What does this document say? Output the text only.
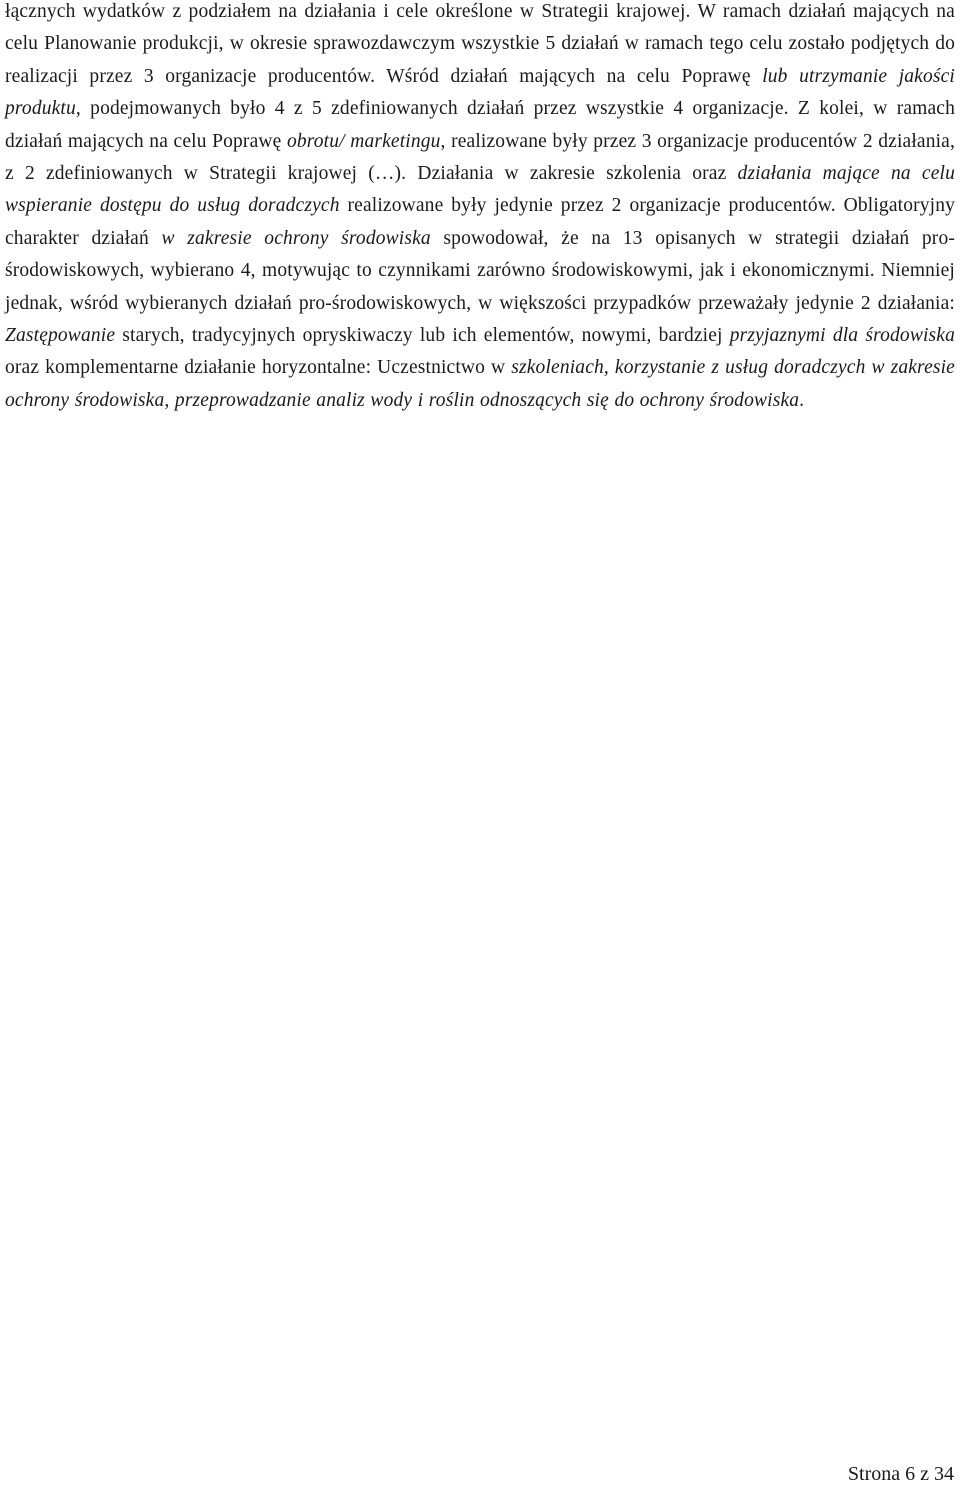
łącznych wydatków z podziałem na działania i cele określone w Strategii krajowej. W ramach działań mających na celu Planowanie produkcji, w okresie sprawozdawczym wszystkie 5 działań w ramach tego celu zostało podjętych do realizacji przez 3 organizacje producentów. Wśród działań mających na celu Poprawę lub utrzymanie jakości produktu, podejmowanych było 4 z 5 zdefiniowanych działań przez wszystkie 4 organizacje. Z kolei, w ramach działań mających na celu Poprawę obrotu/ marketingu, realizowane były przez 3 organizacje producentów 2 działania, z 2 zdefiniowanych w Strategii krajowej (…). Działania w zakresie szkolenia oraz działania mające na celu wspieranie dostępu do usług doradczych realizowane były jedynie przez 2 organizacje producentów. Obligatoryjny charakter działań w zakresie ochrony środowiska spowodował, że na 13 opisanych w strategii działań pro-środowiskowych, wybierano 4, motywując to czynnikami zarówno środowiskowymi, jak i ekonomicznymi. Niemniej jednak, wśród wybieranych działań pro-środowiskowych, w większości przypadków przeważały jedynie 2 działania: Zastępowanie starych, tradycyjnych opryskiwaczy lub ich elementów, nowymi, bardziej przyjaznymi dla środowiska oraz komplementarne działanie horyzontalne: Uczestnictwo w szkoleniach, korzystanie z usług doradczych w zakresie ochrony środowiska, przeprowadzanie analiz wody i roślin odnoszących się do ochrony środowiska.

Strona 6 z 34
